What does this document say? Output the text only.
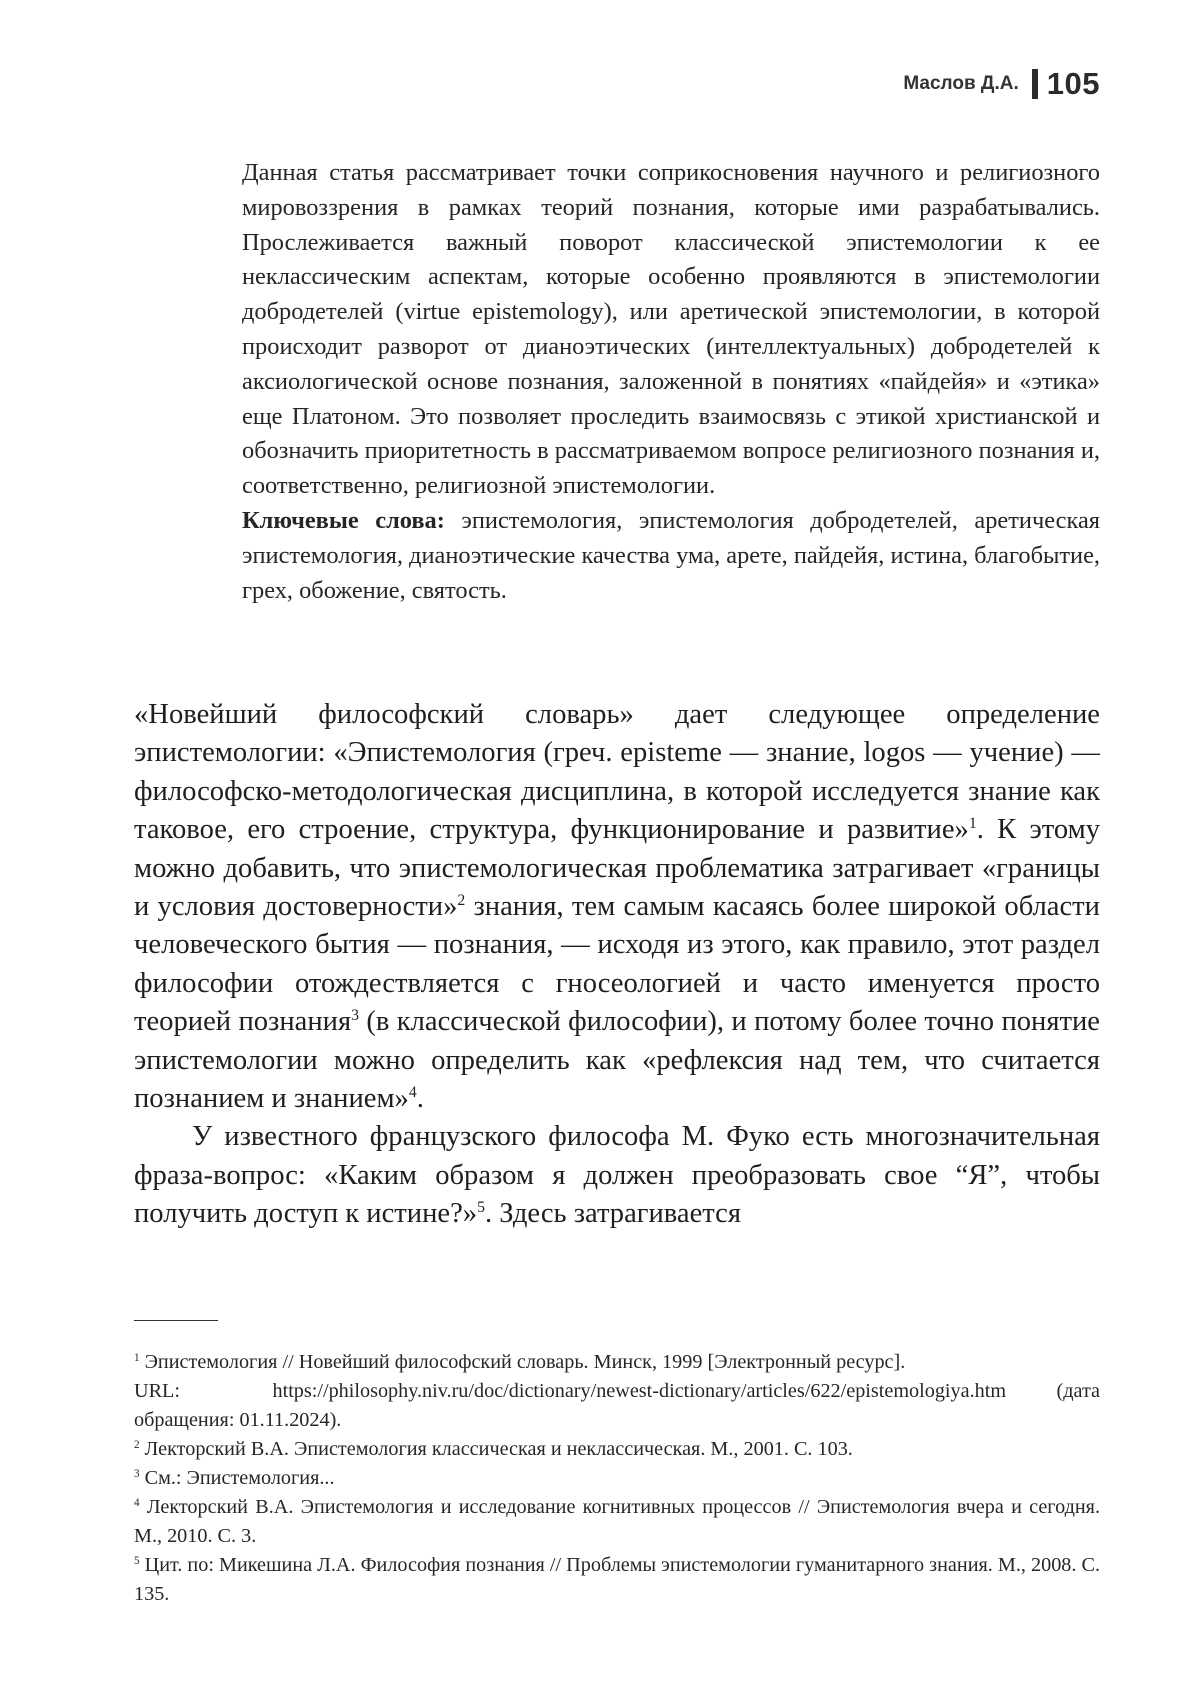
Маслов Д.А. 105

Данная статья рассматривает точки соприкосновения научного и религиозного мировоззрения в рамках теорий познания, которые ими разрабатывались. Прослеживается важный поворот классической эпистемологии к ее неклассическим аспектам, которые особенно проявляются в эпистемологии добродетелей (virtue epistemology), или аретической эпистемологии, в которой происходит разворот от дианоэтических (интеллектуальных) добродетелей к аксиологической основе познания, заложенной в понятиях «пайдейя» и «этика» еще Платоном. Это позволяет проследить взаимосвязь с этикой христианской и обозначить приоритетность в рассматриваемом вопросе религиозного познания и, соответственно, религиозной эпистемологии.

Ключевые слова: эпистемология, эпистемология добродетелей, аретическая эпистемология, дианоэтические качества ума, арете, пайдейя, истина, благобытие, грех, обожение, святость.

«Новейший философский словарь» дает следующее определение эпистемологии: «Эпистемология (греч. episteme — знание, logos — учение) — философско-методологическая дисциплина, в которой исследуется знание как таковое, его строение, структура, функционирование и развитие»$^1$. К этому можно добавить, что эпистемологическая проблематика затрагивает «границы и условия достоверности»$^2$ знания, тем самым касаясь более широкой области человеческого бытия — познания, — исходя из этого, как правило, этот раздел философии отождествляется с гносеологией и часто именуется просто теорией познания$^3$ (в классической философии), и потому более точно понятие эпистемологии можно определить как «рефлексия над тем, что считается познанием и знанием»$^4$.

У известного французского философа М. Фуко есть многозначительная фраза-вопрос: «Каким образом я должен преобразовать свое “Я”, чтобы получить доступ к истине?»$^5$. Здесь затрагивается

$^1$ Эпистемология // Новейший философский словарь. Минск, 1999 [Электронный ресурс].
URL:	https://philosophy.niv.ru/doc/dictionary/newest-dictionary/articles/622/epistemologiya.htm (дата обращения: 01.11.2024).

$^2$ Лекторский В.А. Эпистемология классическая и неклассическая. М., 2001. С. 103.

$^3$ См.: Эпистемология...

$^4$ Лекторский В.А. Эпистемология и исследование когнитивных процессов // Эпистемология вчера и сегодня. М., 2010. С. 3.

$^5$ Цит. по: Микешина Л.А. Философия познания // Проблемы эпистемологии гуманитарного знания. М., 2008. С. 135.
